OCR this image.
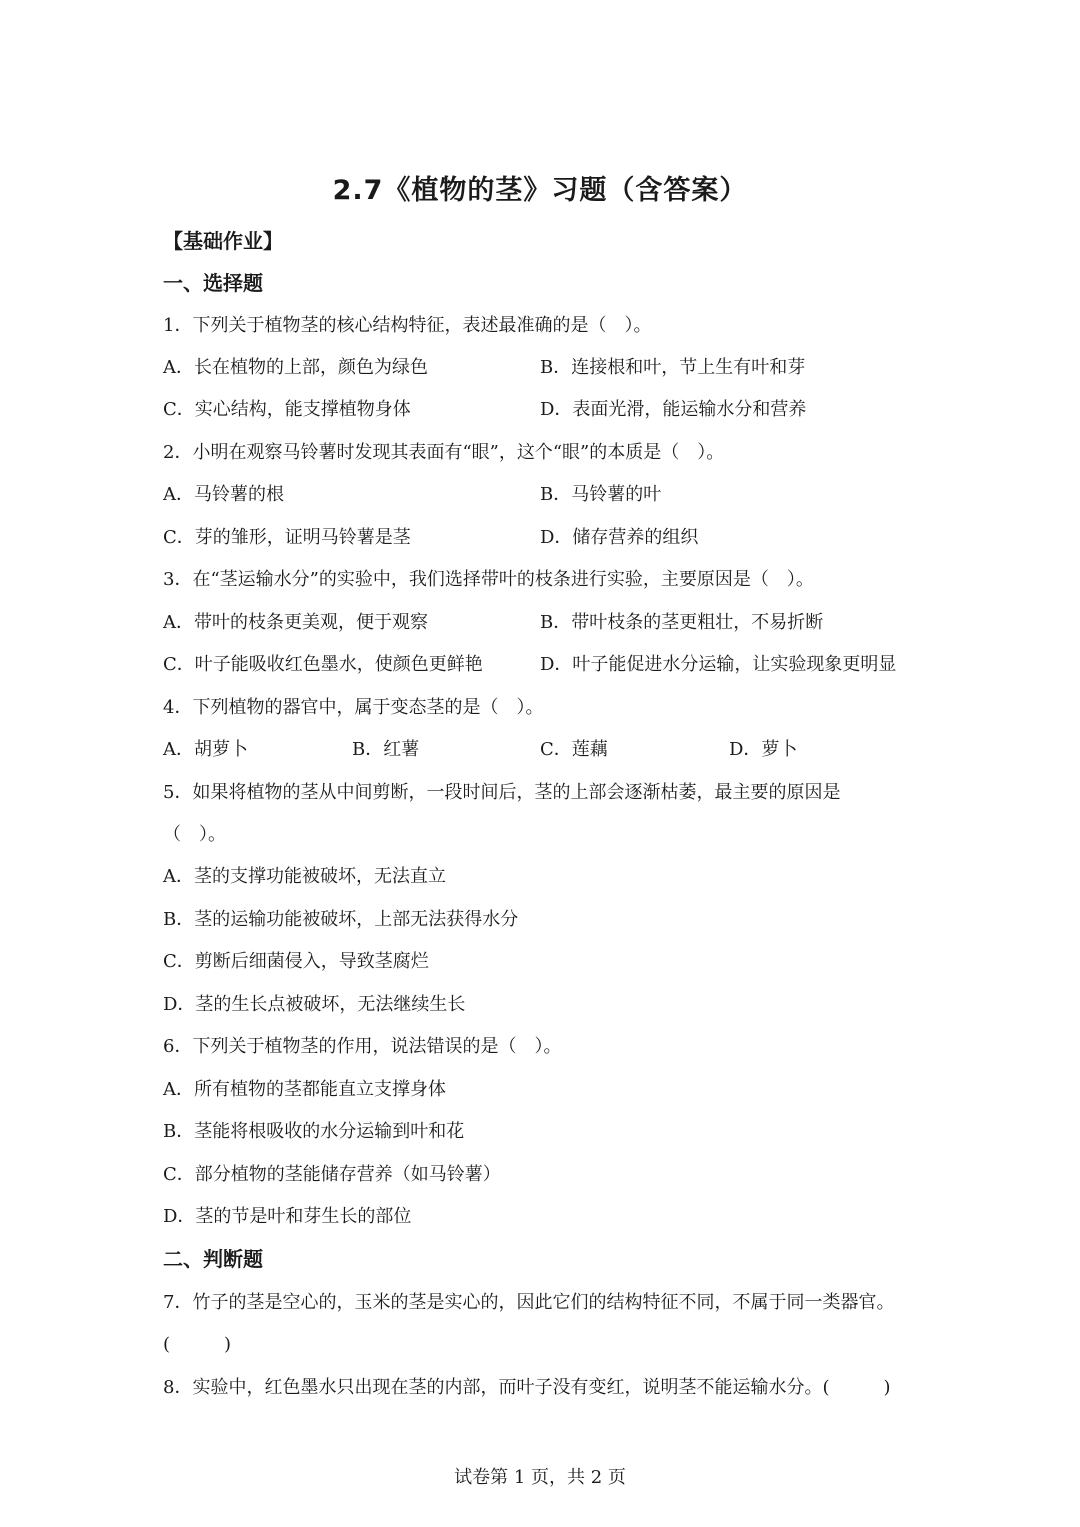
2.7《植物的茎》习题（含答案）
【基础作业】
一、选择题
1．下列关于植物茎的核心结构特征，表述最准确的是（　）。
A．长在植物的上部，颜色为绿色	B．连接根和叶，节上生有叶和芽
C．实心结构，能支撑植物身体	D．表面光滑，能运输水分和营养
2．小明在观察马铃薯时发现其表面有“眼”，这个“眼”的本质是（　）。
A．马铃薯的根	B．马铃薯的叶
C．芽的雏形，证明马铃薯是茎	D．储存营养的组织
3．在“茎运输水分”的实验中，我们选择带叶的枝条进行实验，主要原因是（　）。
A．带叶的枝条更美观，便于观察	B．带叶枝条的茎更粗壮，不易折断
C．叶子能吸收红色墨水，使颜色更鲜艳	D．叶子能促进水分运输，让实验现象更明显
4．下列植物的器官中，属于变态茎的是（　）。
A．胡萝卜	B．红薯	C．莲藕	D．萝卜
5．如果将植物的茎从中间剪断，一段时间后，茎的上部会逐渐枯萎，最主要的原因是
（　）。
A．茎的支撑功能被破坏，无法直立
B．茎的运输功能被破坏，上部无法获得水分
C．剪断后细菌侵入，导致茎腐烂
D．茎的生长点被破坏，无法继续生长
6．下列关于植物茎的作用，说法错误的是（　）。
A．所有植物的茎都能直立支撑身体
B．茎能将根吸收的水分运输到叶和花
C．部分植物的茎能储存营养（如马铃薯）
D．茎的节是叶和芽生长的部位
二、判断题
7．竹子的茎是空心的，玉米的茎是实心的，因此它们的结构特征不同，不属于同一类器官。
(　　　)
8．实验中，红色墨水只出现在茎的内部，而叶子没有变红，说明茎不能运输水分。(　　　)
试卷第 1 页，共 2 页
